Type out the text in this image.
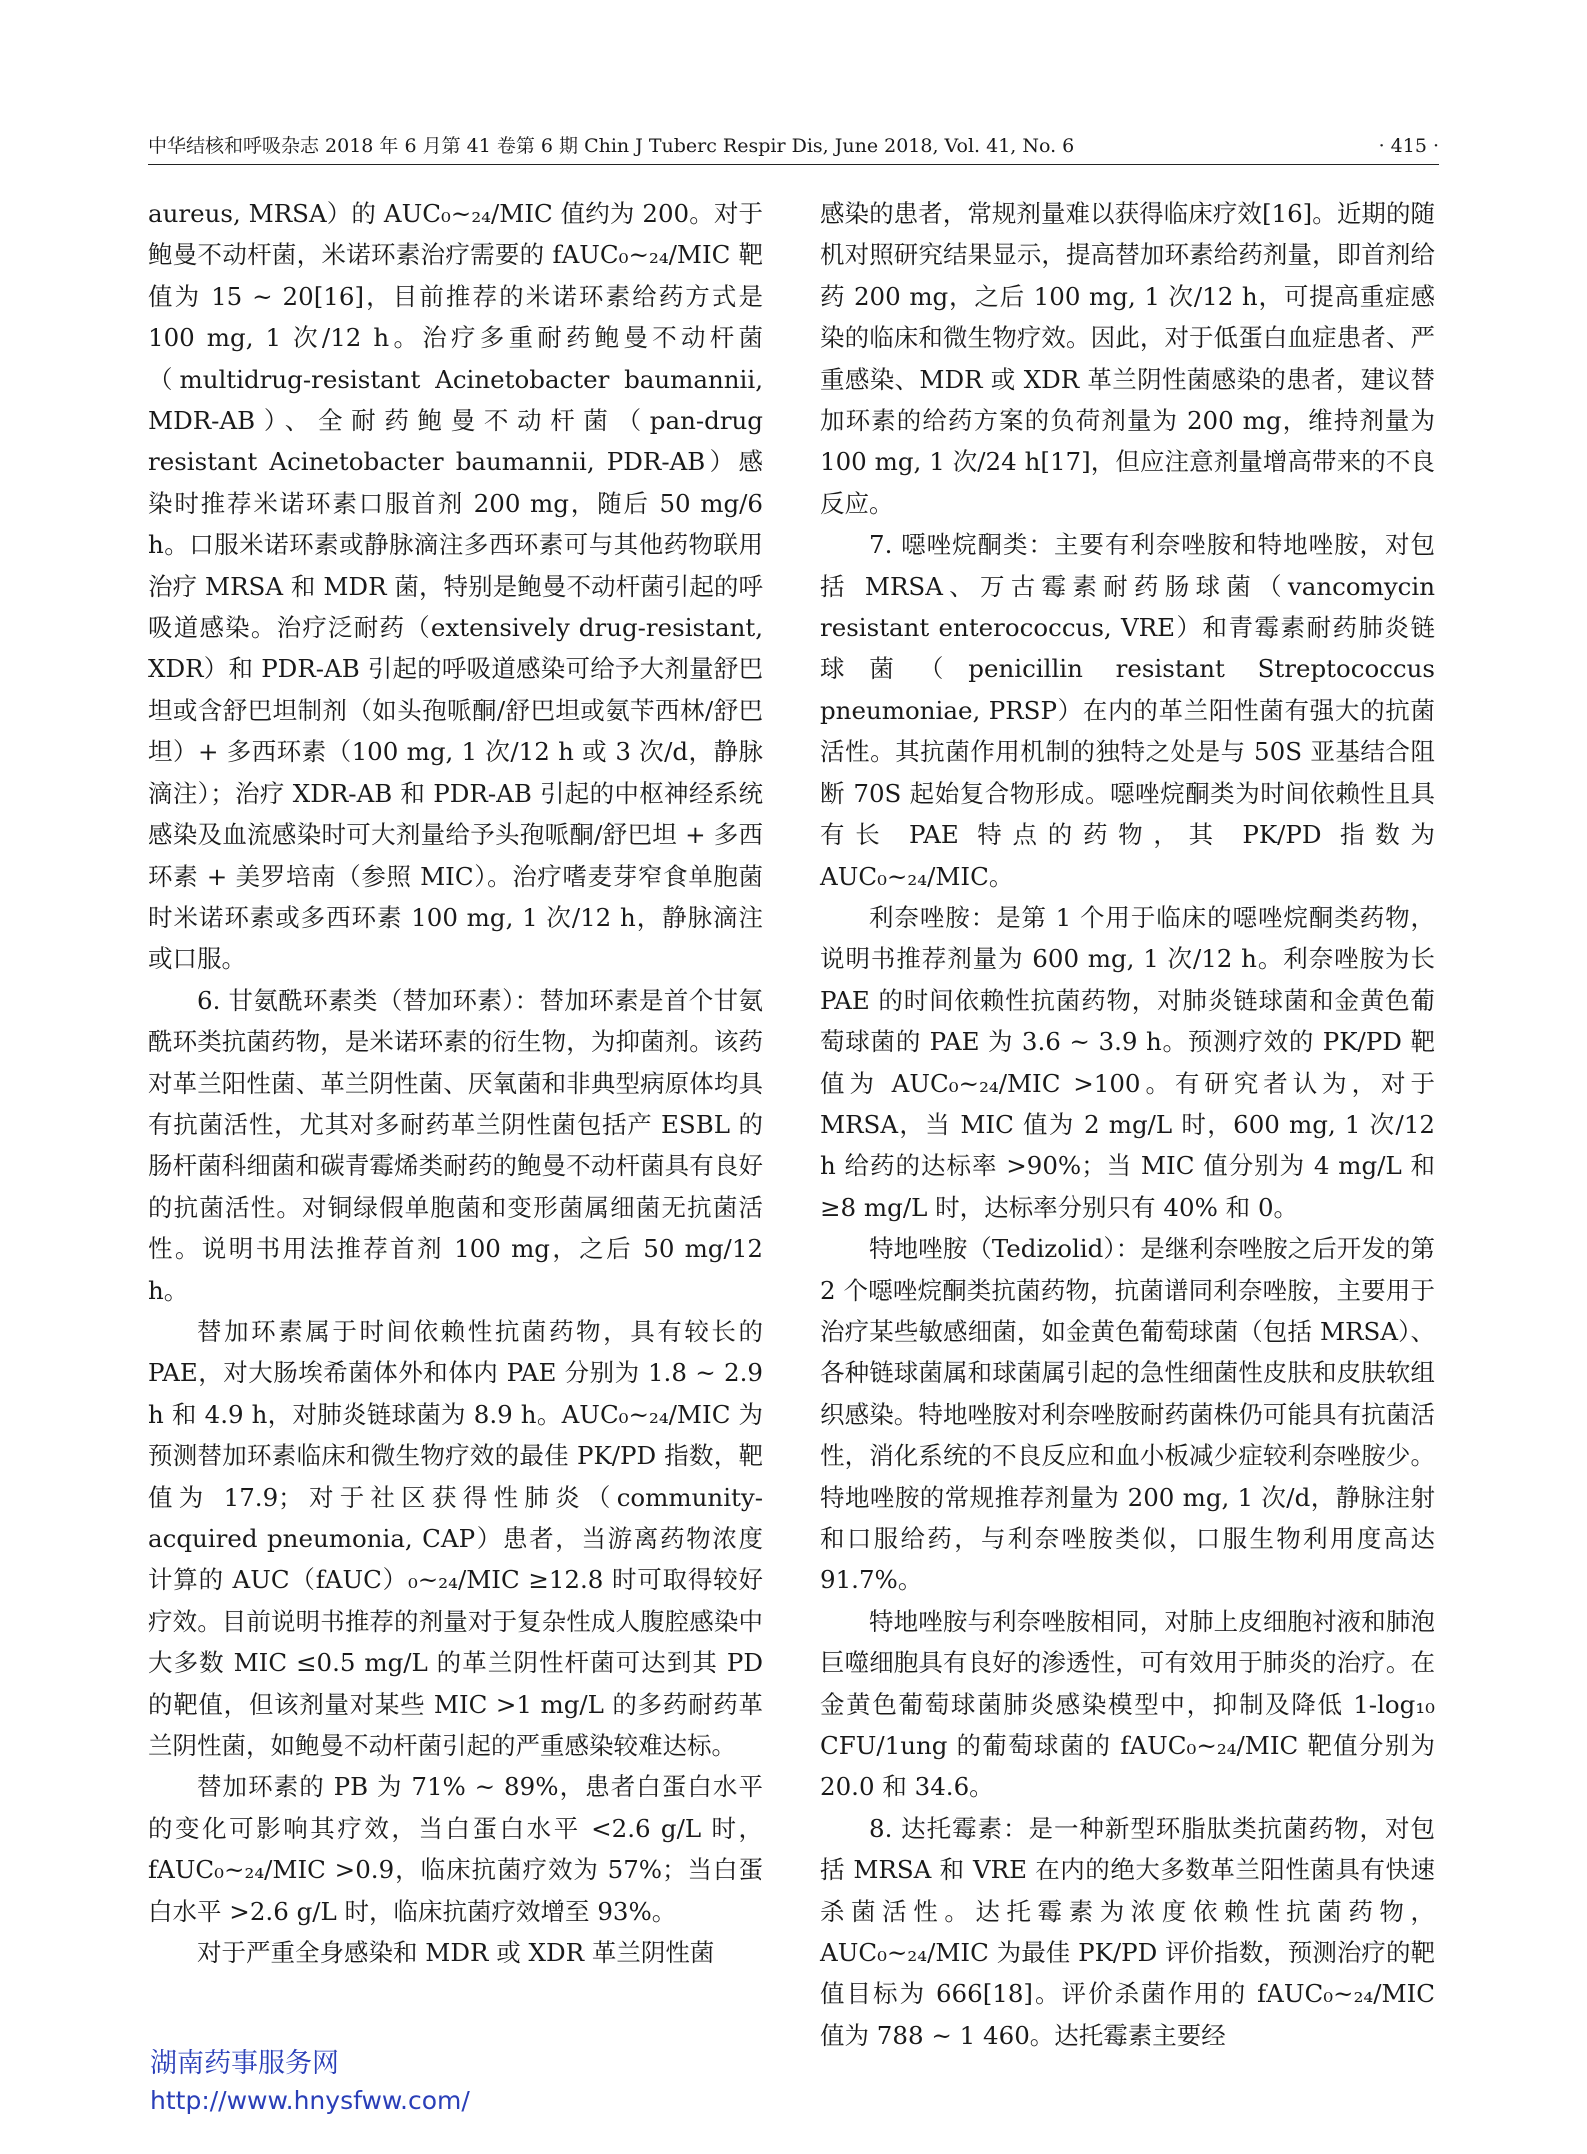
中华结核和呼吸杂志 2018 年 6 月第 41 卷第 6 期 Chin J Tuberc Respir Dis, June 2018, Vol. 41, No. 6	· 415 ·

aureus, MRSA）的 AUC₀~₂₄/MIC 值约为 200。对于鲍曼不动杆菌，米诺环素治疗需要的 fAUC₀~₂₄/MIC 靶值为 15 ~ 20[16]，目前推荐的米诺环素给药方式是 100 mg, 1 次/12 h。治疗多重耐药鲍曼不动杆菌（multidrug-resistant Acinetobacter baumannii, MDR-AB）、全耐药鲍曼不动杆菌（pan-drug resistant Acinetobacter baumannii, PDR-AB）感染时推荐米诺环素口服首剂 200 mg，随后 50 mg/6 h。口服米诺环素或静脉滴注多西环素可与其他药物联用治疗 MRSA 和 MDR 菌，特别是鲍曼不动杆菌引起的呼吸道感染。治疗泛耐药（extensively drug-resistant, XDR）和 PDR-AB 引起的呼吸道感染可给予大剂量舒巴坦或含舒巴坦制剂（如头孢哌酮/舒巴坦或氨苄西林/舒巴坦）+ 多西环素（100 mg, 1 次/12 h 或 3 次/d，静脉滴注）；治疗 XDR-AB 和 PDR-AB 引起的中枢神经系统感染及血流感染时可大剂量给予头孢哌酮/舒巴坦 + 多西环素 + 美罗培南（参照 MIC）。治疗嗜麦芽窄食单胞菌时米诺环素或多西环素 100 mg, 1 次/12 h，静脉滴注或口服。

6. 甘氨酰环素类（替加环素）：替加环素是首个甘氨酰环类抗菌药物，是米诺环素的衍生物，为抑菌剂。该药对革兰阳性菌、革兰阴性菌、厌氧菌和非典型病原体均具有抗菌活性，尤其对多耐药革兰阴性菌包括产 ESBL 的肠杆菌科细菌和碳青霉烯类耐药的鲍曼不动杆菌具有良好的抗菌活性。对铜绿假单胞菌和变形菌属细菌无抗菌活性。说明书用法推荐首剂 100 mg，之后 50 mg/12 h。

替加环素属于时间依赖性抗菌药物，具有较长的 PAE，对大肠埃希菌体外和体内 PAE 分别为 1.8 ~ 2.9 h 和 4.9 h，对肺炎链球菌为 8.9 h。AUC₀~₂₄/MIC 为预测替加环素临床和微生物疗效的最佳 PK/PD 指数，靶值为 17.9；对于社区获得性肺炎（community-acquired pneumonia, CAP）患者，当游离药物浓度计算的 AUC（fAUC）₀~₂₄/MIC ≥12.8 时可取得较好疗效。目前说明书推荐的剂量对于复杂性成人腹腔感染中大多数 MIC ≤0.5 mg/L 的革兰阴性杆菌可达到其 PD 的靶值，但该剂量对某些 MIC >1 mg/L 的多药耐药革兰阴性菌，如鲍曼不动杆菌引起的严重感染较难达标。

替加环素的 PB 为 71% ~ 89%，患者白蛋白水平的变化可影响其疗效，当白蛋白水平 <2.6 g/L 时，fAUC₀~₂₄/MIC >0.9，临床抗菌疗效为 57%；当白蛋白水平 >2.6 g/L 时，临床抗菌疗效增至 93%。

对于严重全身感染和 MDR 或 XDR 革兰阴性菌

感染的患者，常规剂量难以获得临床疗效[16]。近期的随机对照研究结果显示，提高替加环素给药剂量，即首剂给药 200 mg，之后 100 mg, 1 次/12 h，可提高重症感染的临床和微生物疗效。因此，对于低蛋白血症患者、严重感染、MDR 或 XDR 革兰阴性菌感染的患者，建议替加环素的给药方案的负荷剂量为 200 mg，维持剂量为 100 mg, 1 次/24 h[17]，但应注意剂量增高带来的不良反应。

7. 噁唑烷酮类：主要有利奈唑胺和特地唑胺，对包括 MRSA、万古霉素耐药肠球菌（vancomycin resistant enterococcus, VRE）和青霉素耐药肺炎链球菌（penicillin resistant Streptococcus pneumoniae, PRSP）在内的革兰阳性菌有强大的抗菌活性。其抗菌作用机制的独特之处是与 50S 亚基结合阻断 70S 起始复合物形成。噁唑烷酮类为时间依赖性且具有长 PAE 特点的药物，其 PK/PD 指数为 AUC₀~₂₄/MIC。

利奈唑胺：是第 1 个用于临床的噁唑烷酮类药物，说明书推荐剂量为 600 mg, 1 次/12 h。利奈唑胺为长 PAE 的时间依赖性抗菌药物，对肺炎链球菌和金黄色葡萄球菌的 PAE 为 3.6 ~ 3.9 h。预测疗效的 PK/PD 靶值为 AUC₀~₂₄/MIC >100。有研究者认为，对于 MRSA，当 MIC 值为 2 mg/L 时，600 mg, 1 次/12 h 给药的达标率 >90%；当 MIC 值分别为 4 mg/L 和 ≥8 mg/L 时，达标率分别只有 40% 和 0。

特地唑胺（Tedizolid）：是继利奈唑胺之后开发的第 2 个噁唑烷酮类抗菌药物，抗菌谱同利奈唑胺，主要用于治疗某些敏感细菌，如金黄色葡萄球菌（包括 MRSA）、各种链球菌属和球菌属引起的急性细菌性皮肤和皮肤软组织感染。特地唑胺对利奈唑胺耐药菌株仍可能具有抗菌活性，消化系统的不良反应和血小板减少症较利奈唑胺少。特地唑胺的常规推荐剂量为 200 mg, 1 次/d，静脉注射和口服给药，与利奈唑胺类似，口服生物利用度高达 91.7%。

特地唑胺与利奈唑胺相同，对肺上皮细胞衬液和肺泡巨噬细胞具有良好的渗透性，可有效用于肺炎的治疗。在金黄色葡萄球菌肺炎感染模型中，抑制及降低 1-log₁₀ CFU/1ung 的葡萄球菌的 fAUC₀~₂₄/MIC 靶值分别为 20.0 和 34.6。

8. 达托霉素：是一种新型环脂肽类抗菌药物，对包括 MRSA 和 VRE 在内的绝大多数革兰阳性菌具有快速杀菌活性。达托霉素为浓度依赖性抗菌药物，AUC₀~₂₄/MIC 为最佳 PK/PD 评价指数，预测治疗的靶值目标为 666[18]。评价杀菌作用的 fAUC₀~₂₄/MIC 值为 788 ~ 1 460。达托霉素主要经

湖南药事服务网
http://www.hnysfww.com/
